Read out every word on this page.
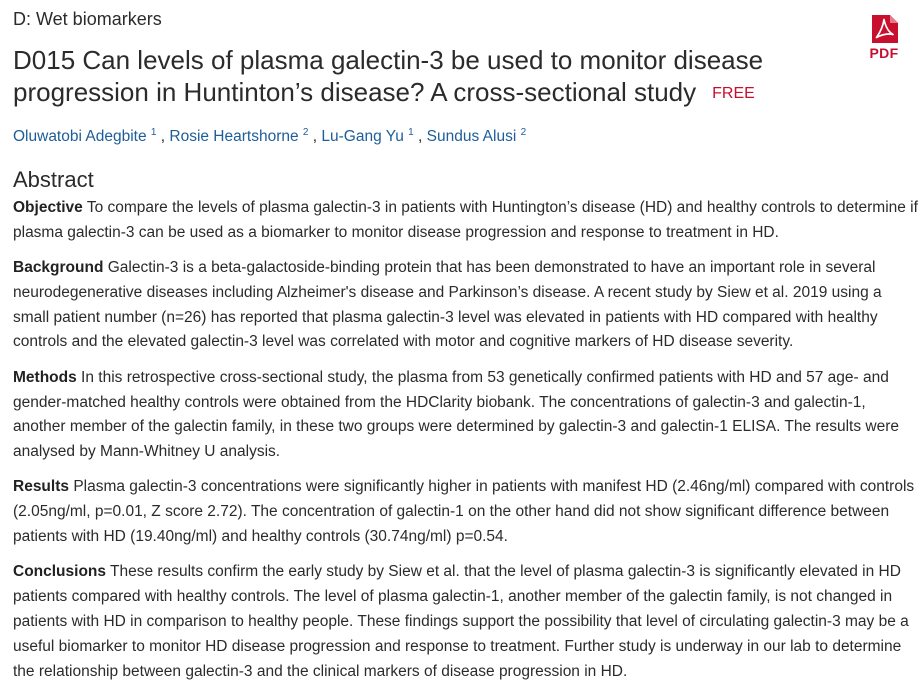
D: Wet biomarkers
PDF
D015 Can levels of plasma galectin-3 be used to monitor disease progression in Huntinton’s disease? A cross-sectional study FREE
Oluwatobi Adegbite $^1$ , Rosie Heartshorne $^2$ , Lu-Gang Yu $^1$ , Sundus Alusi $^2$
Abstract

Objective To compare the levels of plasma galectin-3 in patients with Huntington’s disease (HD) and healthy controls to determine if plasma galectin-3 can be used as a biomarker to monitor disease progression and response to treatment in HD.

Background Galectin-3 is a beta-galactoside-binding protein that has been demonstrated to have an important role in several neurodegenerative diseases including Alzheimer's disease and Parkinson’s disease. A recent study by Siew et al. 2019 using a small patient number (n=26) has reported that plasma galectin-3 level was elevated in patients with HD compared with healthy controls and the elevated galectin-3 level was correlated with motor and cognitive markers of HD disease severity.

Methods In this retrospective cross-sectional study, the plasma from 53 genetically confirmed patients with HD and 57 age- and gender-matched healthy controls were obtained from the HDClarity biobank. The concentrations of galectin-3 and galectin-1, another member of the galectin family, in these two groups were determined by galectin-3 and galectin-1 ELISA. The results were analysed by Mann-Whitney U analysis.

Results Plasma galectin-3 concentrations were significantly higher in patients with manifest HD (2.46ng/ml) compared with controls (2.05ng/ml, p=0.01, Z score 2.72). The concentration of galectin-1 on the other hand did not show significant difference between patients with HD (19.40ng/ml) and healthy controls (30.74ng/ml) p=0.54.

Conclusions These results confirm the early study by Siew et al. that the level of plasma galectin-3 is significantly elevated in HD patients compared with healthy controls. The level of plasma galectin-1, another member of the galectin family, is not changed in patients with HD in comparison to healthy people. These findings support the possibility that level of circulating galectin-3 may be a useful biomarker to monitor HD disease progression and response to treatment. Further study is underway in our lab to determine the relationship between galectin-3 and the clinical markers of disease progression in HD.
